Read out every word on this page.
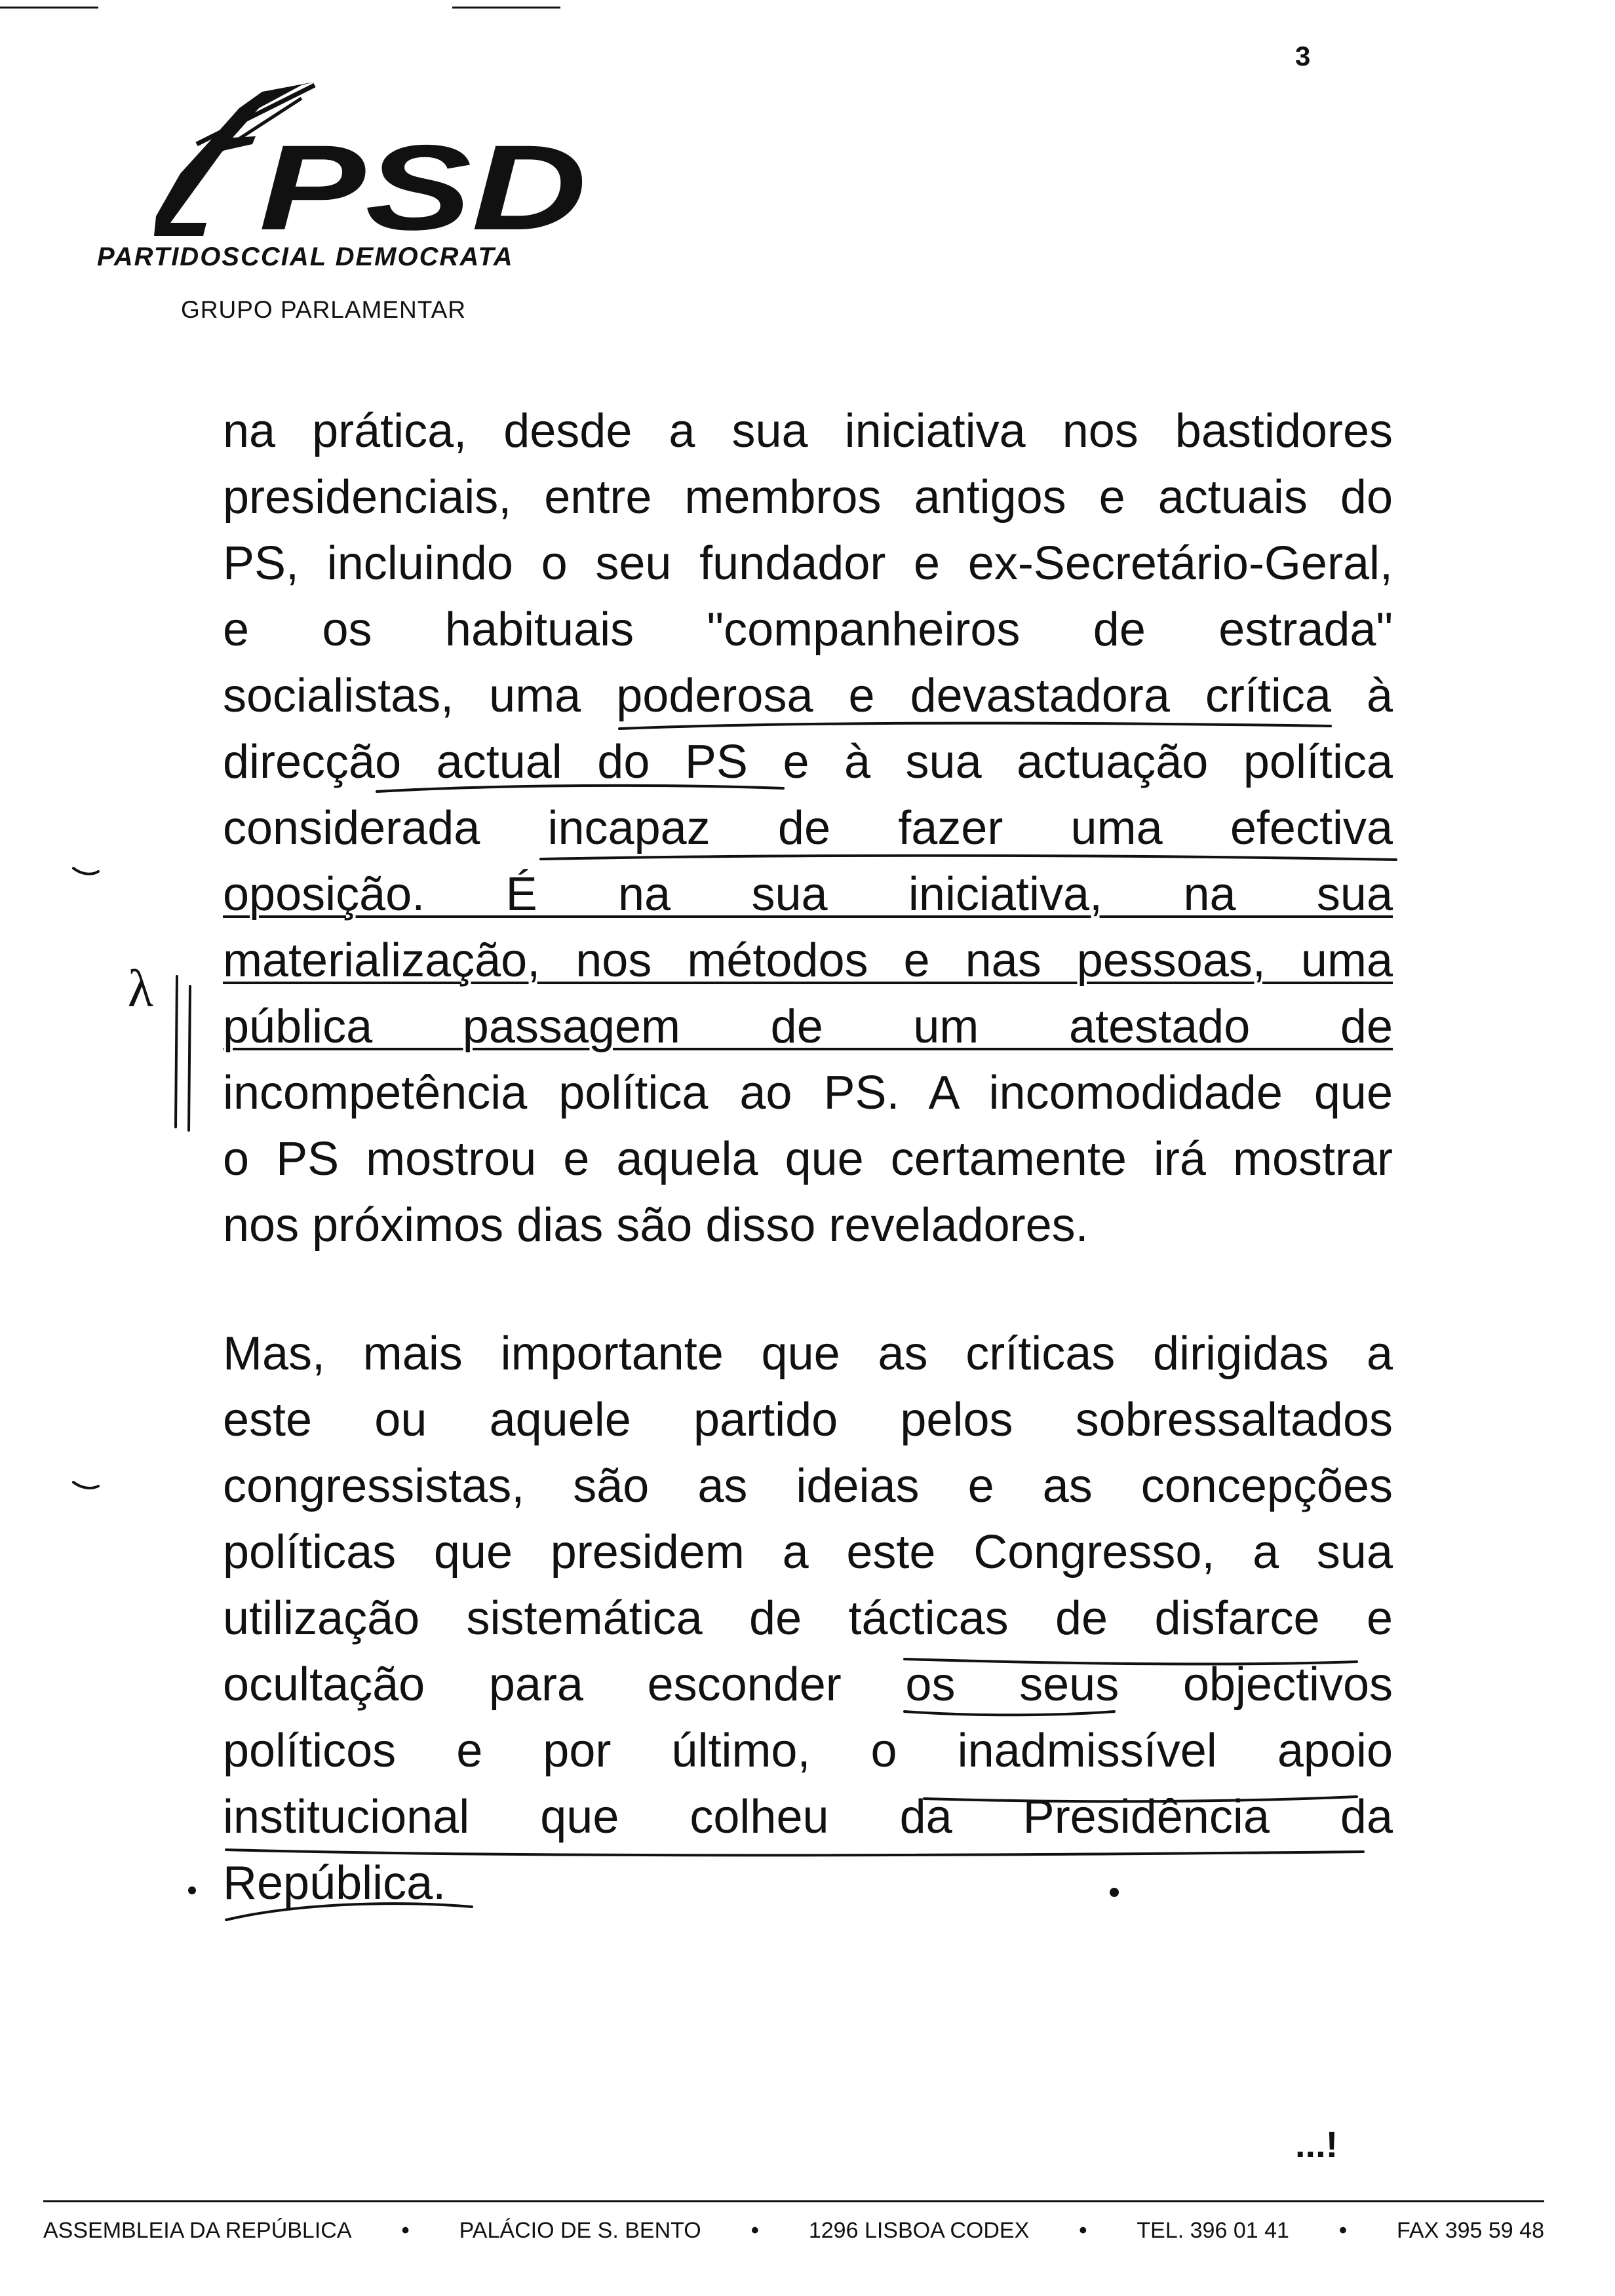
3
PSD
PARTIDOSCCIAL DEMOCRATA
GRUPO PARLAMENTAR
na prática, desde a sua iniciativa nos bastidores
presidenciais, entre membros antigos e actuais do
PS, incluindo o seu fundador e ex-Secretário-Geral,
e os habituais "companheiros de estrada"
socialistas, uma poderosa e devastadora crítica à
direcção actual do PS e à sua actuação política
considerada incapaz de fazer uma efectiva
oposição. É na sua iniciativa, na sua
materialização, nos métodos e nas pessoas, uma
pública passagem de um atestado de
incompetência política ao PS. A incomodidade que
o PS mostrou e aquela que certamente irá mostrar
nos próximos dias são disso reveladores.
Mas, mais importante que as críticas dirigidas a
este ou aquele partido pelos sobressaltados
congressistas, são as ideias e as concepções
políticas que presidem a este Congresso, a sua
utilização sistemática de tácticas de disfarce e
ocultação para esconder os seus objectivos
políticos e por último, o inadmissível apoio
institucional que colheu da Presidência da
República.
λ
...!
ASSEMBLEIA DA REPÚBLICA • PALÁCIO DE S. BENTO • 1296 LISBOA CODEX • TEL. 396 01 41 • FAX 395 59 48
